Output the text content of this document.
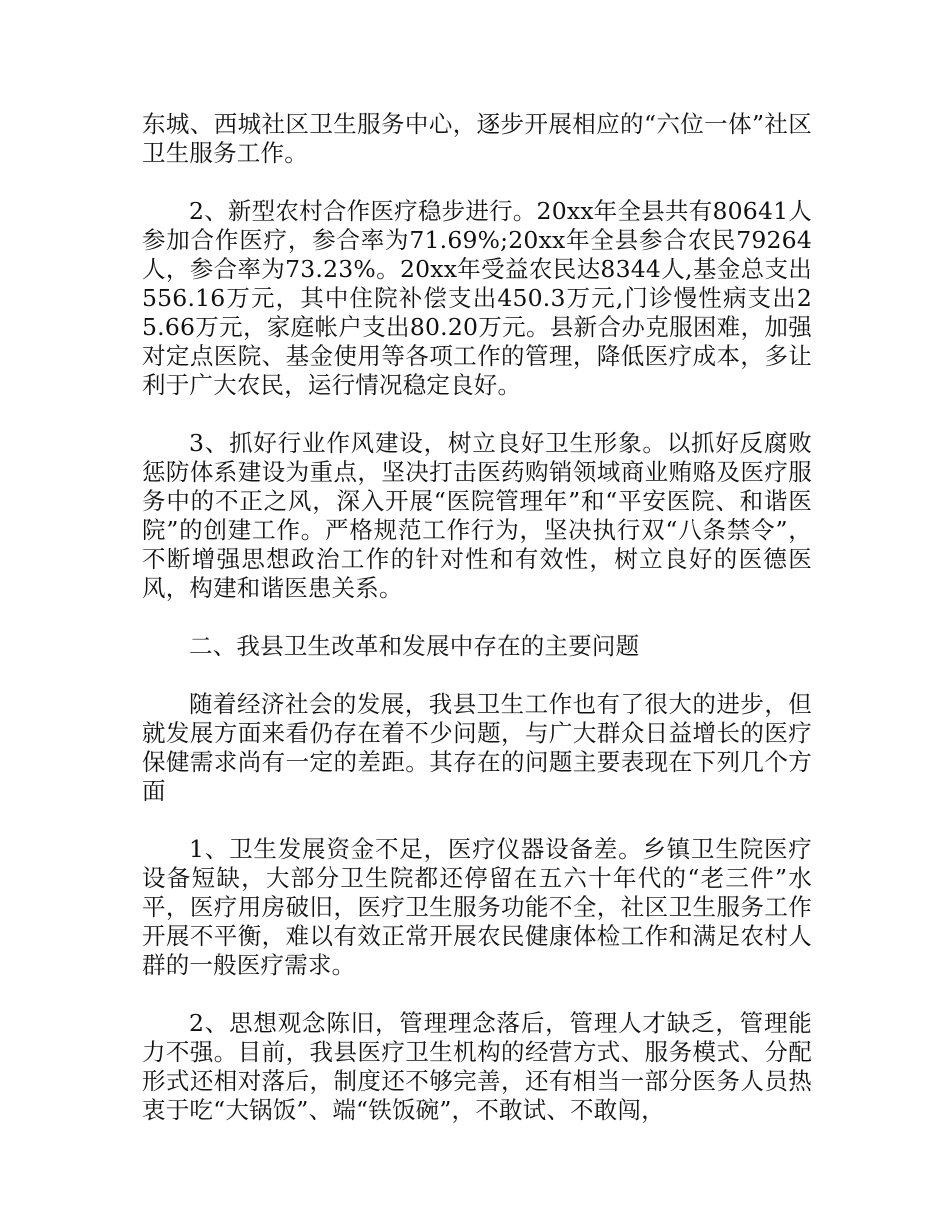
东城、西城社区卫生服务中心，逐步开展相应的“六位一体”社区卫生服务工作。

2、新型农村合作医疗稳步进行。20xx年全县共有80641人参加合作医疗，参合率为71.69%;20xx年全县参合农民79264人，参合率为73.23%。20xx年受益农民达8344人,基金总支出556.16万元，其中住院补偿支出450.3万元,门诊慢性病支出25.66万元，家庭帐户支出80.20万元。县新合办克服困难，加强对定点医院、基金使用等各项工作的管理，降低医疗成本，多让利于广大农民，运行情况稳定良好。

3、抓好行业作风建设，树立良好卫生形象。以抓好反腐败惩防体系建设为重点，坚决打击医药购销领域商业贿赂及医疗服务中的不正之风，深入开展“医院管理年”和“平安医院、和谐医院”的创建工作。严格规范工作行为，坚决执行双“八条禁令”，不断增强思想政治工作的针对性和有效性，树立良好的医德医风，构建和谐医患关系。

二、我县卫生改革和发展中存在的主要问题

随着经济社会的发展，我县卫生工作也有了很大的进步，但就发展方面来看仍存在着不少问题，与广大群众日益增长的医疗保健需求尚有一定的差距。其存在的问题主要表现在下列几个方面

1、卫生发展资金不足，医疗仪器设备差。乡镇卫生院医疗设备短缺，大部分卫生院都还停留在五六十年代的“老三件”水平，医疗用房破旧，医疗卫生服务功能不全，社区卫生服务工作开展不平衡，难以有效正常开展农民健康体检工作和满足农村人群的一般医疗需求。

2、思想观念陈旧，管理理念落后，管理人才缺乏，管理能力不强。目前，我县医疗卫生机构的经营方式、服务模式、分配形式还相对落后，制度还不够完善，还有相当一部分医务人员热衷于吃“大锅饭”、端“铁饭碗”，不敢试、不敢闯，
